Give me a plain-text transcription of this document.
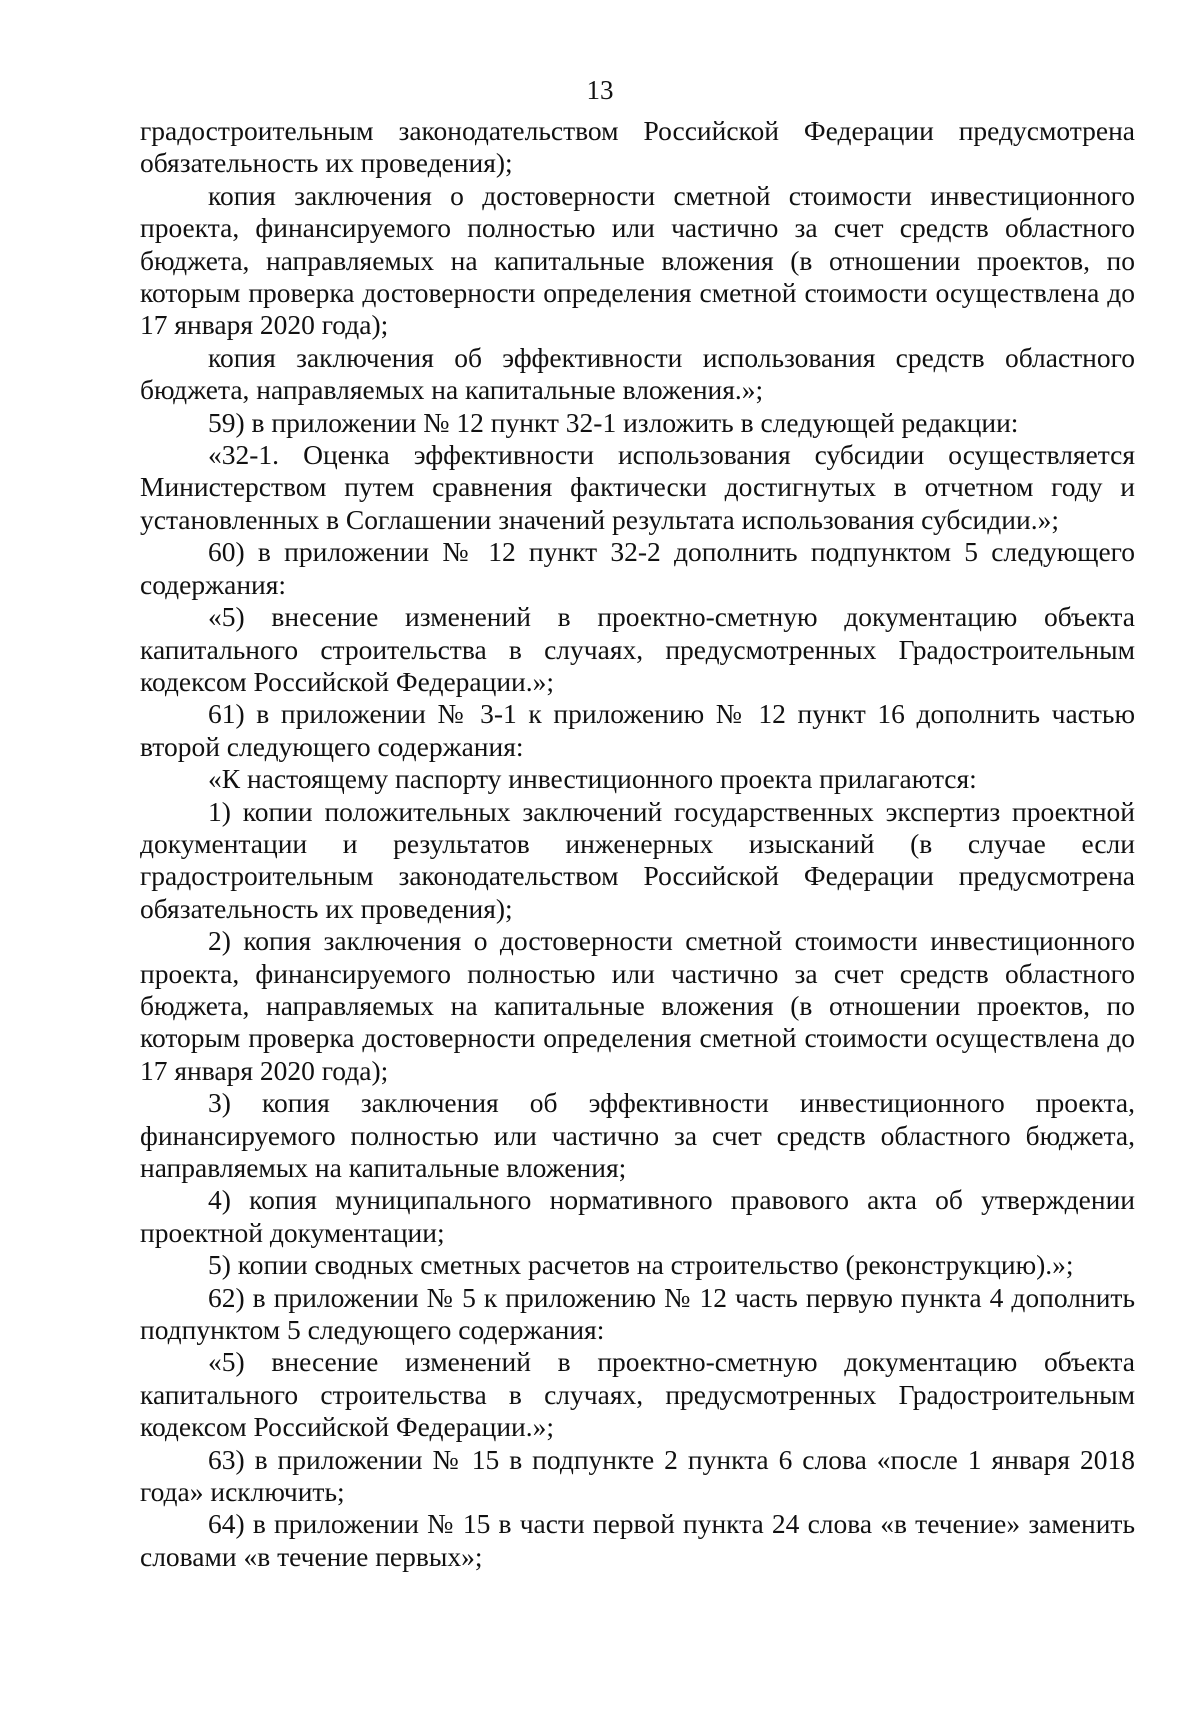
13

градостроительным законодательством Российской Федерации предусмотрена обязательность их проведения);

копия заключения о достоверности сметной стоимости инвестиционного проекта, финансируемого полностью или частично за счет средств областного бюджета, направляемых на капитальные вложения (в отношении проектов, по которым проверка достоверности определения сметной стоимости осуществлена до 17 января 2020 года);

копия заключения об эффективности использования средств областного бюджета, направляемых на капитальные вложения.»;

59) в приложении № 12 пункт 32-1 изложить в следующей редакции:

«32-1. Оценка эффективности использования субсидии осуществляется Министерством путем сравнения фактически достигнутых в отчетном году и установленных в Соглашении значений результата использования субсидии.»;

60) в приложении № 12 пункт 32-2 дополнить подпунктом 5 следующего содержания:

«5) внесение изменений в проектно-сметную документацию объекта капитального строительства в случаях, предусмотренных Градостроительным кодексом Российской Федерации.»;

61) в приложении № 3-1 к приложению № 12 пункт 16 дополнить частью второй следующего содержания:

«К настоящему паспорту инвестиционного проекта прилагаются:

1) копии положительных заключений государственных экспертиз проектной документации и результатов инженерных изысканий (в случае если градостроительным законодательством Российской Федерации предусмотрена обязательность их проведения);

2) копия заключения о достоверности сметной стоимости инвестиционного проекта, финансируемого полностью или частично за счет средств областного бюджета, направляемых на капитальные вложения (в отношении проектов, по которым проверка достоверности определения сметной стоимости осуществлена до 17 января 2020 года);

3) копия заключения об эффективности инвестиционного проекта, финансируемого полностью или частично за счет средств областного бюджета, направляемых на капитальные вложения;

4) копия муниципального нормативного правового акта об утверждении проектной документации;

5) копии сводных сметных расчетов на строительство (реконструкцию).»;

62) в приложении № 5 к приложению № 12 часть первую пункта 4 дополнить подпунктом 5 следующего содержания:

«5) внесение изменений в проектно-сметную документацию объекта капитального строительства в случаях, предусмотренных Градостроительным кодексом Российской Федерации.»;

63) в приложении № 15 в подпункте 2 пункта 6 слова «после 1 января 2018 года» исключить;

64) в приложении № 15 в части первой пункта 24 слова «в течение» заменить словами «в течение первых»;
